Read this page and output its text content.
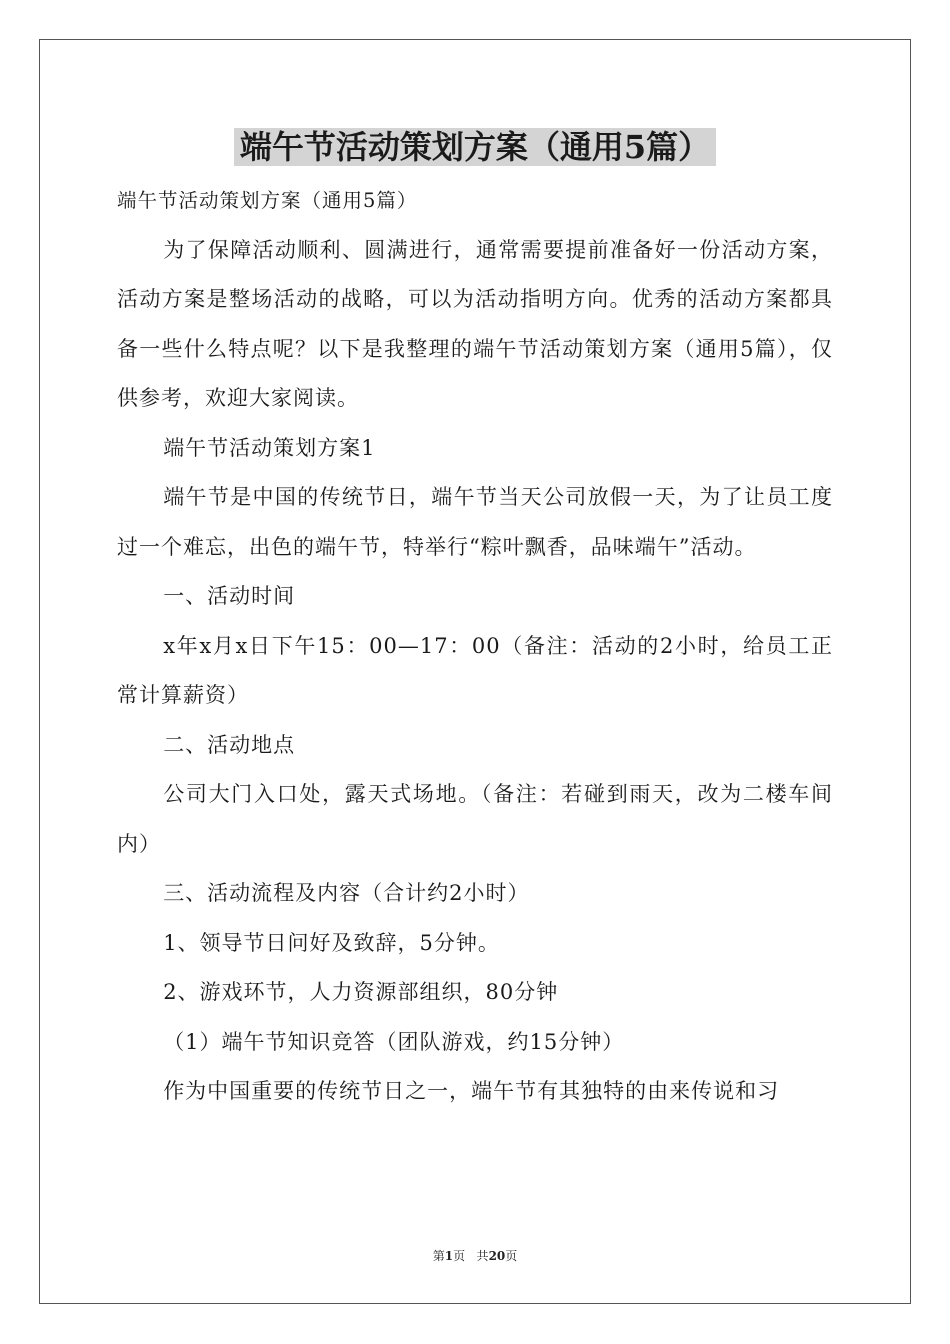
端午节活动策划方案（通用5篇）

端午节活动策划方案（通用5篇）

为了保障活动顺利、圆满进行，通常需要提前准备好一份活动方案，活动方案是整场活动的战略，可以为活动指明方向。优秀的活动方案都具备一些什么特点呢？以下是我整理的端午节活动策划方案（通用5篇），仅供参考，欢迎大家阅读。

端午节活动策划方案1

端午节是中国的传统节日，端午节当天公司放假一天，为了让员工度过一个难忘，出色的端午节，特举行“粽叶飘香，品味端午”活动。

一、活动时间

x年x月x日下午15：00—17：00（备注：活动的2小时，给员工正常计算薪资）

二、活动地点

公司大门入口处，露天式场地。（备注：若碰到雨天，改为二楼车间内）

三、活动流程及内容（合计约2小时）

1、领导节日问好及致辞，5分钟。

2、游戏环节，人力资源部组织，80分钟

（1）端午节知识竞答（团队游戏，约15分钟）

作为中国重要的传统节日之一，端午节有其独特的由来传说和习

第1页 共20页
